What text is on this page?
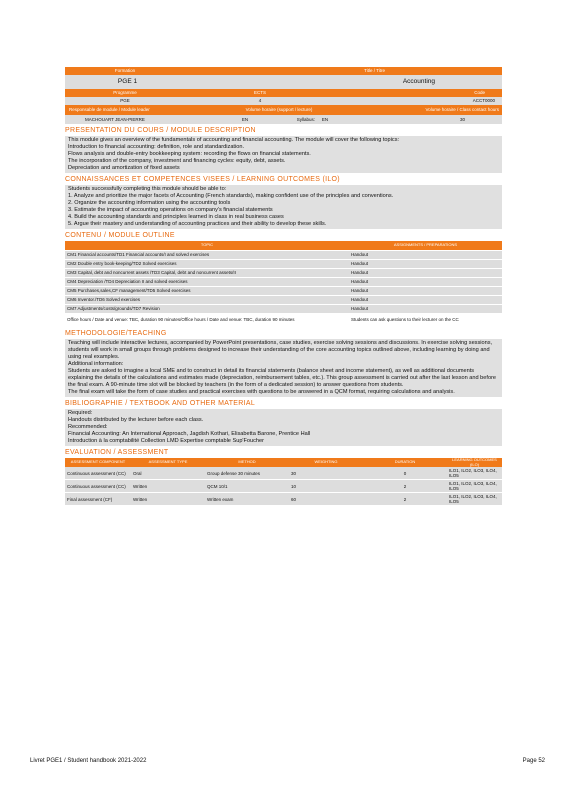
Formation	Title / Titre
PGE 1	Accounting
Programme	ECTS	Code
PGE	4	ACCT0000
Responsable de module / Module leader	Volume horaire (support / lecture)	Volume horaire / Class contact hours
MACHOUART JEAN-PIERRE	EN	Syllabus:	EN	30
PRESENTATION DU COURS / MODULE DESCRIPTION

This module gives an overview of the fundamentals of accounting and financial accounting. The module will cover the following topics:

Introduction to financial accounting: definition, role and standardization.

Flows analysis and double-entry bookkeeping system: recording the flows on financial statements.

The incorporation of the company, investment and financing cycles: equity, debt, assets.

Depreciation and amortization of fixed assets

CONNAISSANCES ET COMPETENCES VISEES / LEARNING OUTCOMES (ILO)

Students successfully completing this module should be able to:

1. Analyze and prioritize the major facets of Accounting (French standards), making confident use of the principles and conventions.

2. Organize the accounting information using the accounting tools

3. Estimate the impact of accounting operations on company's financial statements

4. Build the accounting standards and principles learned in class in real business cases

5. Argue their mastery and understanding of accounting practices and their ability to develop these skills.

CONTENU / MODULE OUTLINE
TOPIC	ASSIGNMENTS / PREPARATIONS
CM1 Financial accounts/TD1 Financial accounts/I and solved exercises	Handout
CM2 Double entry book-keeping/TD2 Solved exercises	Handout
CM3 Capital, debt and noncurrent assets /TD3 Capital, debt and noncurrent assets/II	Handout
CM4 Depreciation /TD4 Depreciation II and solved exercises	Handout
CM5 Purchases,sales,CF management/TD5 Solved exercises	Handout
CM6 Inventor./TD6 Solved exercises	Handout
CM7 Adjustments/costs/grounds/TD7 Revision	Handout
Office hours / Date and venue: TBC, duration 90 minutes/Office hours / Date and venue: TBC, duration 90 minutes	Students can ask questions to their lecturer on the CC
METHODOLOGIE/TEACHING

Teaching will include interactive lectures, accompanied by PowerPoint presentations, case studies, exercise solving sessions and discussions. In exercise solving sessions, students will work in small groups through problems designed to increase their understanding of the core accounting topics outlined above, including learning by doing and using real examples.

Additional information:

Students are asked to imagine a local SME and to construct in detail its financial statements (balance sheet and income statement), as well as additional documents explaining the details of the calculations and estimates made (depreciation, reimbursement tables, etc.). This group assessment is carried out after the last lesson and before the final exam. A 90-minute time slot will be blocked by teachers (in the form of a dedicated session) to answer questions from students.

The final exam will take the form of case studies and practical exercises with questions to be answered in a QCM format, requiring calculations and analysis.

BIBLIOGRAPHIE / TEXTBOOK AND OTHER MATERIAL

Required:

Handouts distributed by the lecturer before each class.

Recommended:

Financial Accounting: An International Approach, Jagdish Kothari, Elisabetta Barone, Prentice Hall

Introduction à la comptabilité Collection LMD Expertise comptable Sup'Foucher

EVALUATION / ASSESSMENT
ASSESSMENT COMPONENT	ASSESSMENT TYPE	METHOD	WEIGHTING	DURATION	LEARNING OUTCOMES (ILO)
Continuous assessment (CC)	Oral	Group defense 30 minutes	30	0	ILO1, ILO2, ILO3, ILO4, ILO5
Continuous assessment (CC)	Written	QCM 10/1	10	2	ILO1, ILO2, ILO3, ILO4, ILO5
Final assessment (CF)	Written	Written exam	60	2	ILO1, ILO2, ILO3, ILO4, ILO5
Livret PGE1 / Student handbook 2021-2022	Page 52
